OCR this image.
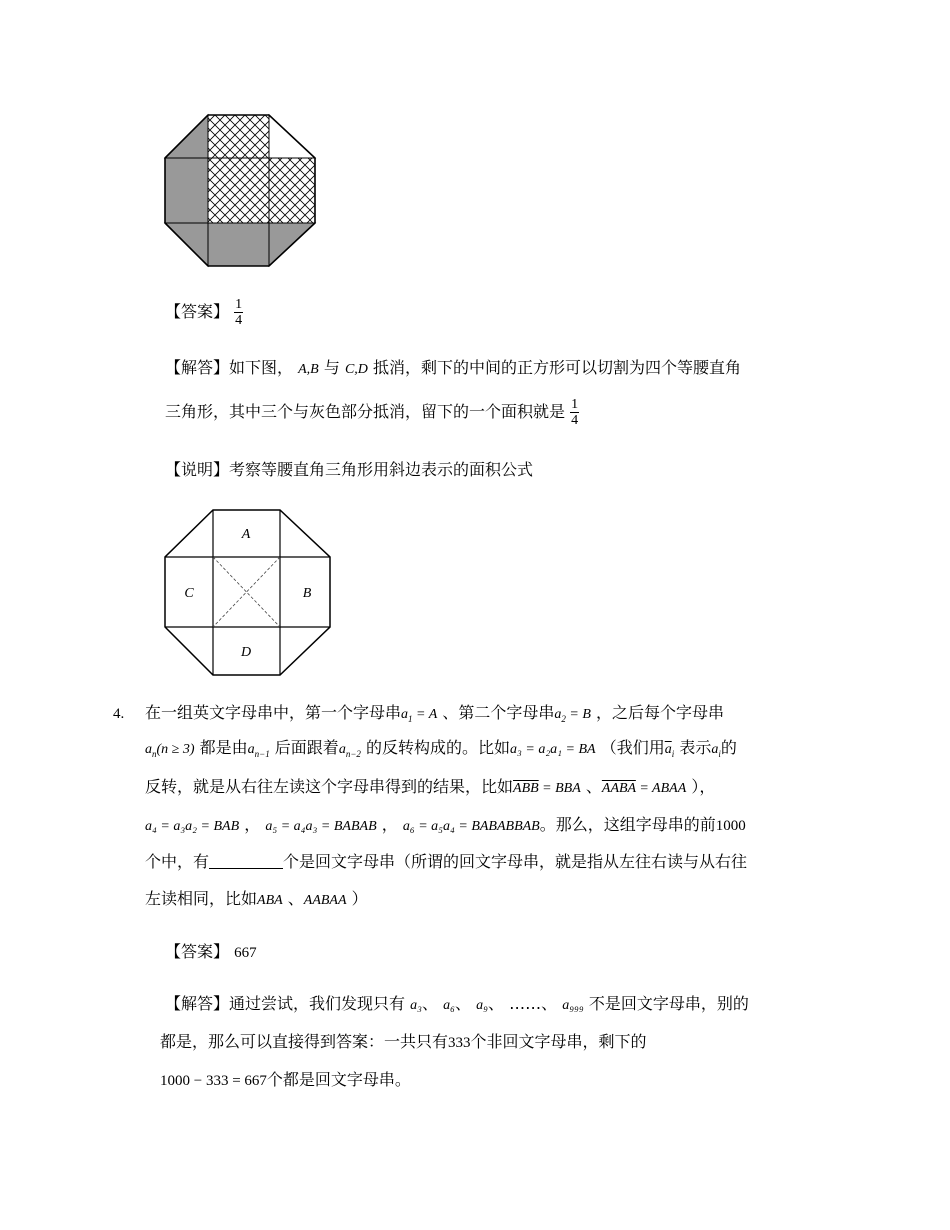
【答案】 $\frac{1}{4}$
【解答】如下图， A,B 与 C,D 抵消，剩下的中间的正方形可以切割为四个等腰直角
三角形，其中三个与灰色部分抵消，留下的一个面积就是 $\frac{1}{4}$
【说明】考察等腰直角三角形用斜边表示的面积公式
A
B
C
D
4. 在一组英文字母串中，第一个字母串$a_1 = A$ 、第二个字母串$a_2 = B$ ，之后每个字母串
$a_n(n \ge 3)$ 都是由$a_{n-1}$ 后面跟着$a_{n-2}$ 的反转构成的。比如a₃ = a₂a₁ = BA （我们用$\overline{a}_i$ 表示$a_i$的
反转，就是从右往左读这个字母串得到的结果，比如$\overline{ABB}$ = BBA 、AABA = ABAA ），
a₄ = a₃a₂ = BAB ， a₅ = a₄a₃ = BABAB ， a₆ = a₅a₄ = BABABBAB。那么，这组字母串的前1000
个中，有	个是回文字母串（所谓的回文字母串，就是指从左往右读与从右往
左读相同，比如ABA 、AABAA ）
【答案】 667
【解答】通过尝试，我们发现只有 a₃、 a₆、 a₉、 ……、 a₉₉₉ 不是回文字母串，别的
都是，那么可以直接得到答案：一共只有333个非回文字母串，剩下的
1000 − 333 = 667个都是回文字母串。
